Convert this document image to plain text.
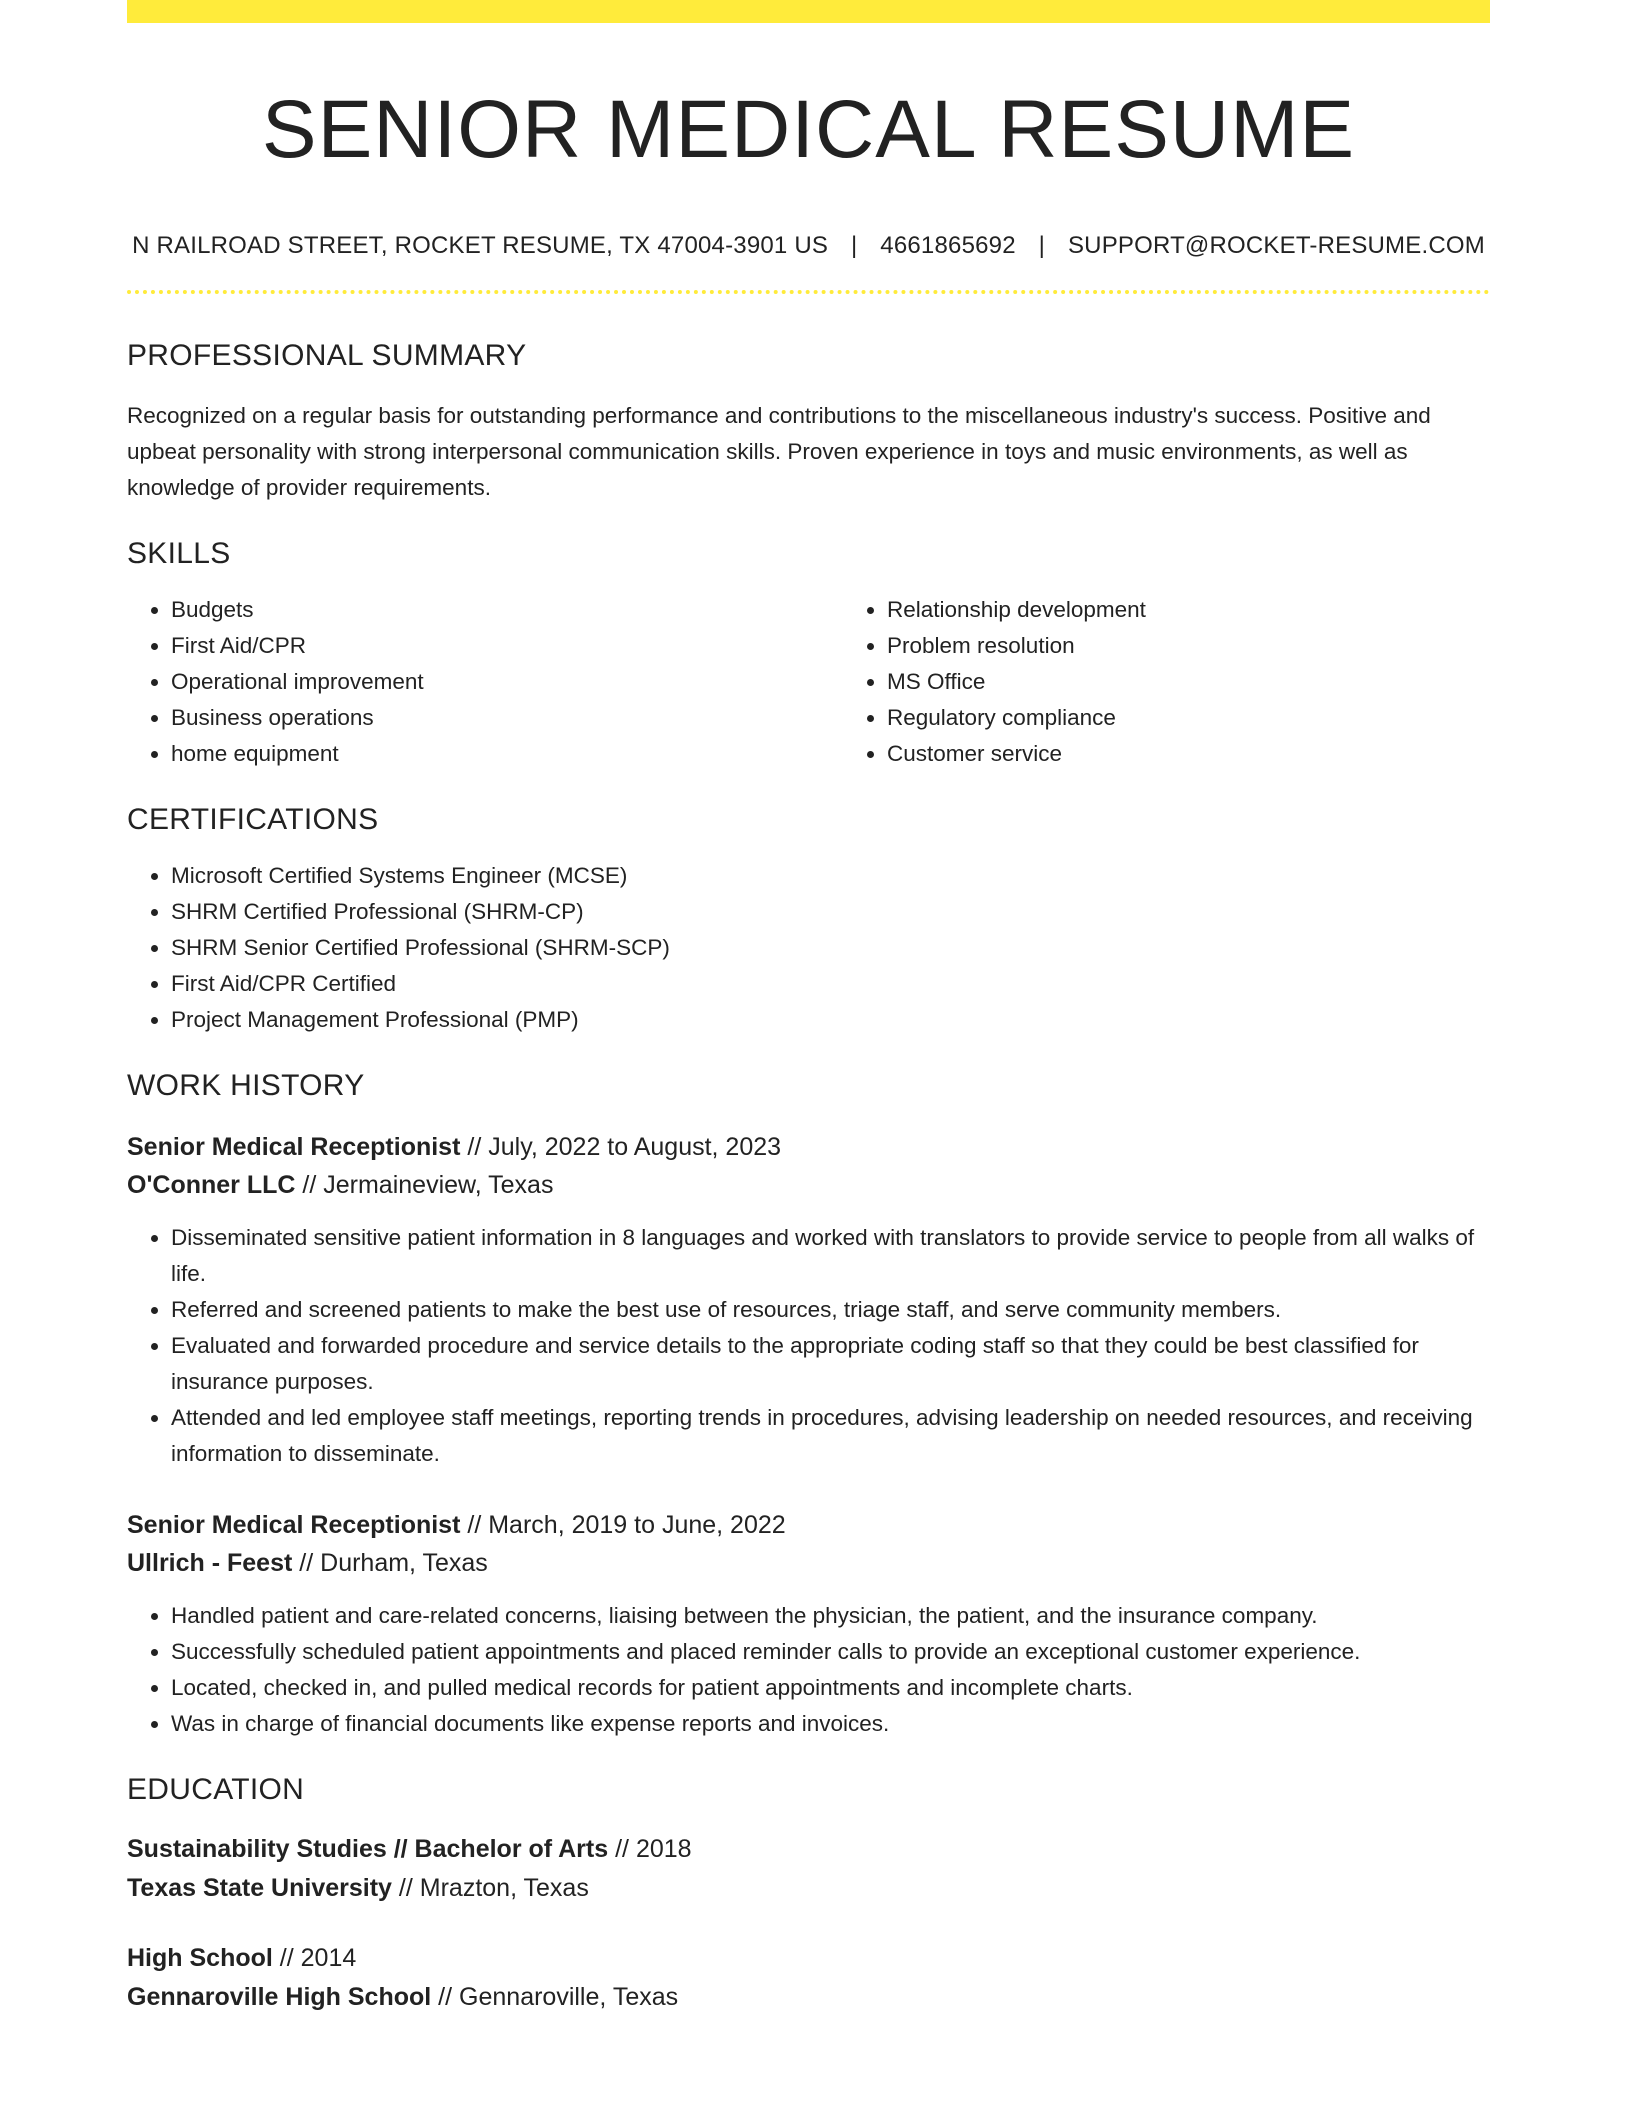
SENIOR MEDICAL RESUME
N RAILROAD STREET, ROCKET RESUME, TX 47004-3901 US | 4661865692 | SUPPORT@ROCKET-RESUME.COM
PROFESSIONAL SUMMARY

Recognized on a regular basis for outstanding performance and contributions to the miscellaneous industry's success. Positive and upbeat personality with strong interpersonal communication skills. Proven experience in toys and music environments, as well as knowledge of provider requirements.

SKILLS
• Budgets
• First Aid/CPR
• Operational improvement
• Business operations
• home equipment
• Relationship development
• Problem resolution
• MS Office
• Regulatory compliance
• Customer service
CERTIFICATIONS
• Microsoft Certified Systems Engineer (MCSE)
• SHRM Certified Professional (SHRM-CP)
• SHRM Senior Certified Professional (SHRM-SCP)
• First Aid/CPR Certified
• Project Management Professional (PMP)
WORK HISTORY
Senior Medical Receptionist // July, 2022 to August, 2023
O'Conner LLC // Jermaineview, Texas
• Disseminated sensitive patient information in 8 languages and worked with translators to provide service to people from all walks of life.
• Referred and screened patients to make the best use of resources, triage staff, and serve community members.
• Evaluated and forwarded procedure and service details to the appropriate coding staff so that they could be best classified for insurance purposes.
• Attended and led employee staff meetings, reporting trends in procedures, advising leadership on needed resources, and receiving information to disseminate.
Senior Medical Receptionist // March, 2019 to June, 2022
Ullrich - Feest // Durham, Texas
• Handled patient and care-related concerns, liaising between the physician, the patient, and the insurance company.
• Successfully scheduled patient appointments and placed reminder calls to provide an exceptional customer experience.
• Located, checked in, and pulled medical records for patient appointments and incomplete charts.
• Was in charge of financial documents like expense reports and invoices.
EDUCATION
Sustainability Studies // Bachelor of Arts // 2018
Texas State University // Mrazton, Texas
High School // 2014
Gennaroville High School // Gennaroville, Texas
